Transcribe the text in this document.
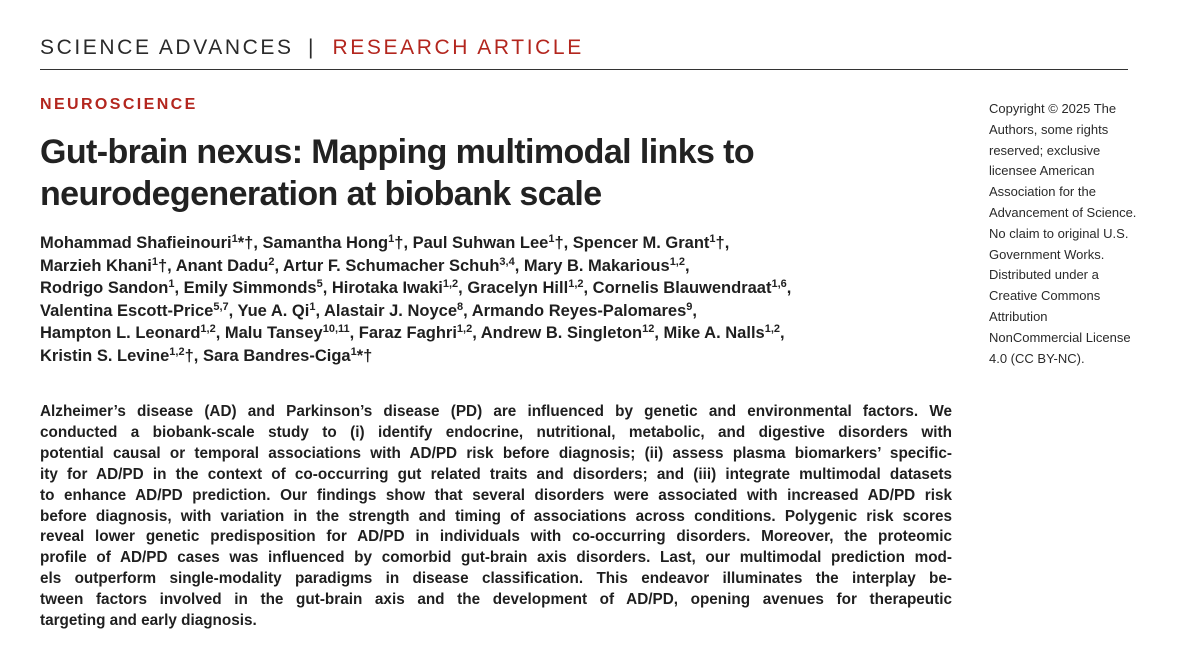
SCIENCE ADVANCES | RESEARCH ARTICLE
NEUROSCIENCE
Gut-brain nexus: Mapping multimodal links to neurodegeneration at biobank scale
Mohammad Shafieinouri$^1$*†, Samantha Hong$^1$†, Paul Suhwan Lee$^1$†, Spencer M. Grant$^1$†,
Marzieh Khani$^1$†, Anant Dadu$^2$, Artur F. Schumacher Schuh$^{3,4}$, Mary B. Makarious$^{1,2}$,
Rodrigo Sandon$^1$, Emily Simmonds$^5$, Hirotaka Iwaki$^{1,2}$, Gracelyn Hill$^{1,2}$, Cornelis Blauwendraat$^{1,6}$,
Valentina Escott-Price$^{5,7}$, Yue A. Qi$^1$, Alastair J. Noyce$^8$, Armando Reyes-Palomares$^9$,
Hampton L. Leonard$^{1,2}$, Malu Tansey$^{10,11}$, Faraz Faghri$^{1,2}$, Andrew B. Singleton$^{12}$, Mike A. Nalls$^{1,2}$,
Kristin S. Levine$^{1,2}$†, Sara Bandres-Ciga$^1$*†
Copyright © 2025 The Authors, some rights reserved; exclusive licensee American Association for the Advancement of Science. No claim to original U.S. Government Works. Distributed under a Creative Commons Attribution NonCommercial License 4.0 (CC BY-NC).
Alzheimer’s disease (AD) and Parkinson’s disease (PD) are influenced by genetic and environmental factors. We
conducted a biobank-scale study to (i) identify endocrine, nutritional, metabolic, and digestive disorders with
potential causal or temporal associations with AD/PD risk before diagnosis; (ii) assess plasma biomarkers’ specific-
ity for AD/PD in the context of co-occurring gut related traits and disorders; and (iii) integrate multimodal datasets
to enhance AD/PD prediction. Our findings show that several disorders were associated with increased AD/PD risk
before diagnosis, with variation in the strength and timing of associations across conditions. Polygenic risk scores
reveal lower genetic predisposition for AD/PD in individuals with co-occurring disorders. Moreover, the proteomic
profile of AD/PD cases was influenced by comorbid gut-brain axis disorders. Last, our multimodal prediction mod-
els outperform single-modality paradigms in disease classification. This endeavor illuminates the interplay be-
tween factors involved in the gut-brain axis and the development of AD/PD, opening avenues for therapeutic
targeting and early diagnosis.
